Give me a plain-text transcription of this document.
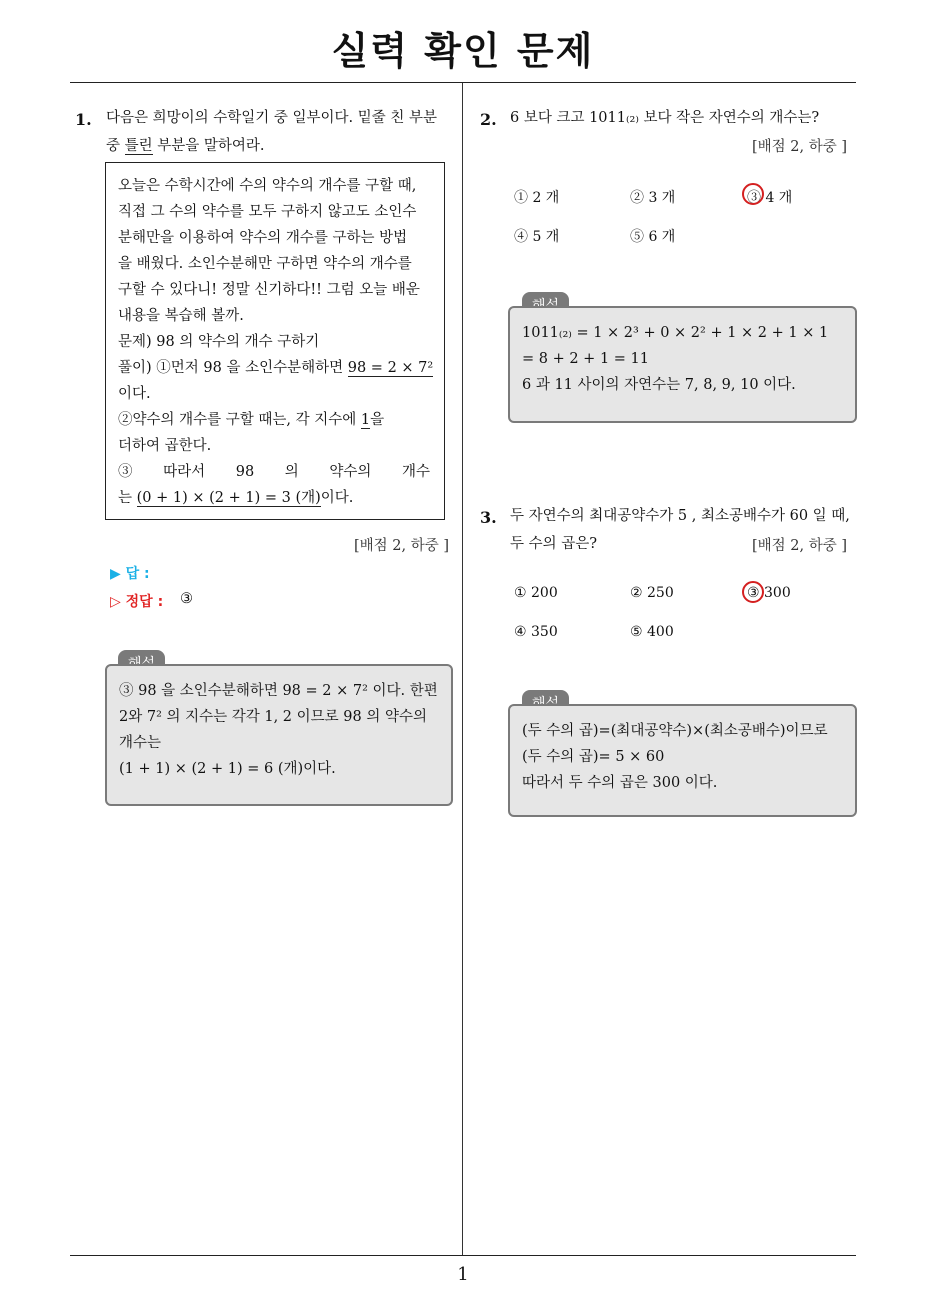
실력 확인 문제
1. 다음은 희망이의 수학일기 중 일부이다. 밑줄 친 부분
중 틀린 부분을 말하여라.
오늘은 수학시간에 수의 약수의 개수를 구할 때,
직접 그 수의 약수를 모두 구하지 않고도 소인수
분해만을 이용하여 약수의 개수를 구하는 방법
을 배웠다. 소인수분해만 구하면 약수의 개수를
구할 수 있다니! 정말 신기하다!! 그럼 오늘 배운
내용을 복습해 볼까.
문제) 98 의 약수의 개수 구하기
풀이) ①먼저 98 을 소인수분해하면 98 = 2 × 7²
이다.
②약수의 개수를 구할 때는, 각 지수에 1을
더하여 곱한다.
③ 따라서 98 의 약수의 개수
는 (0 + 1) × (2 + 1) = 3 (개)이다.
[배점 2, 하중 ]
▶ 답 :
▷ 정답 : ③
③ 98 을 소인수분해하면 98 = 2 × 7² 이다. 한편
2와 7² 의 지수는 각각 1, 2 이므로 98 의 약수의
개수는
(1 + 1) × (2 + 1) = 6 (개)이다.
2. 6 보다 크고 1011₍₂₎ 보다 작은 자연수의 개수는?
[배점 2, 하중 ]
① 2 개	② 3 개	③ 4 개
④ 5 개	⑤ 6 개
1011₍₂₎ = 1 × 2³ + 0 × 2² + 1 × 2 + 1 × 1
= 8 + 2 + 1 = 11
6 과 11 사이의 자연수는 7, 8, 9, 10 이다.
3. 두 자연수의 최대공약수가 5 , 최소공배수가 60 일 때,
두 수의 곱은?	[배점 2, 하중 ]
① 200	② 250	③ 300
④ 350	⑤ 400
(두 수의 곱)=(최대공약수)×(최소공배수)이므로
(두 수의 곱)= 5 × 60
따라서 두 수의 곱은 300 이다.
1
